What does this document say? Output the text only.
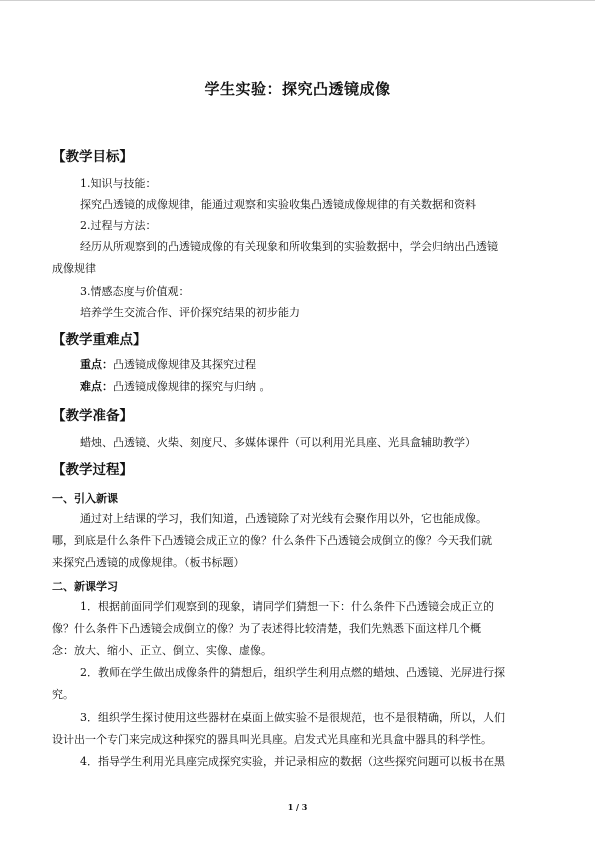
学生实验：探究凸透镜成像
【教学目标】
1.知识与技能：
探究凸透镜的成像规律，能通过观察和实验收集凸透镜成像规律的有关数据和资料
2.过程与方法：
经历从所观察到的凸透镜成像的有关现象和所收集到的实验数据中，学会归纳出凸透镜
成像规律
3.情感态度与价值观：
培养学生交流合作、评价探究结果的初步能力
【教学重难点】
重点：凸透镜成像规律及其探究过程
难点：凸透镜成像规律的探究与归纳 。
【教学准备】
蜡烛、凸透镜、火柴、刻度尺、多媒体课件（可以利用光具座、光具盒辅助教学）
【教学过程】
一、引入新课
通过对上结课的学习，我们知道，凸透镜除了对光线有会聚作用以外，它也能成像。
哪，到底是什么条件下凸透镜会成正立的像？什么条件下凸透镜会成倒立的像？今天我们就
来探究凸透镜的成像规律。（板书标题）
二、新课学习
1．根据前面同学们观察到的现象，请同学们猜想一下：什么条件下凸透镜会成正立的
像？什么条件下凸透镜会成倒立的像？为了表述得比较清楚，我们先熟悉下面这样几个概
念：放大、缩小、正立、倒立、实像、虚像。
2．教师在学生做出成像条件的猜想后，组织学生利用点燃的蜡烛、凸透镜、光屏进行探
究。
3．组织学生探讨使用这些器材在桌面上做实验不是很规范，也不是很精确，所以，人们
设计出一个专门来完成这种探究的器具叫光具座。启发式光具座和光具盒中器具的科学性。
4．指导学生利用光具座完成探究实验，并记录相应的数据（这些探究问题可以板书在黑
1 / 3
